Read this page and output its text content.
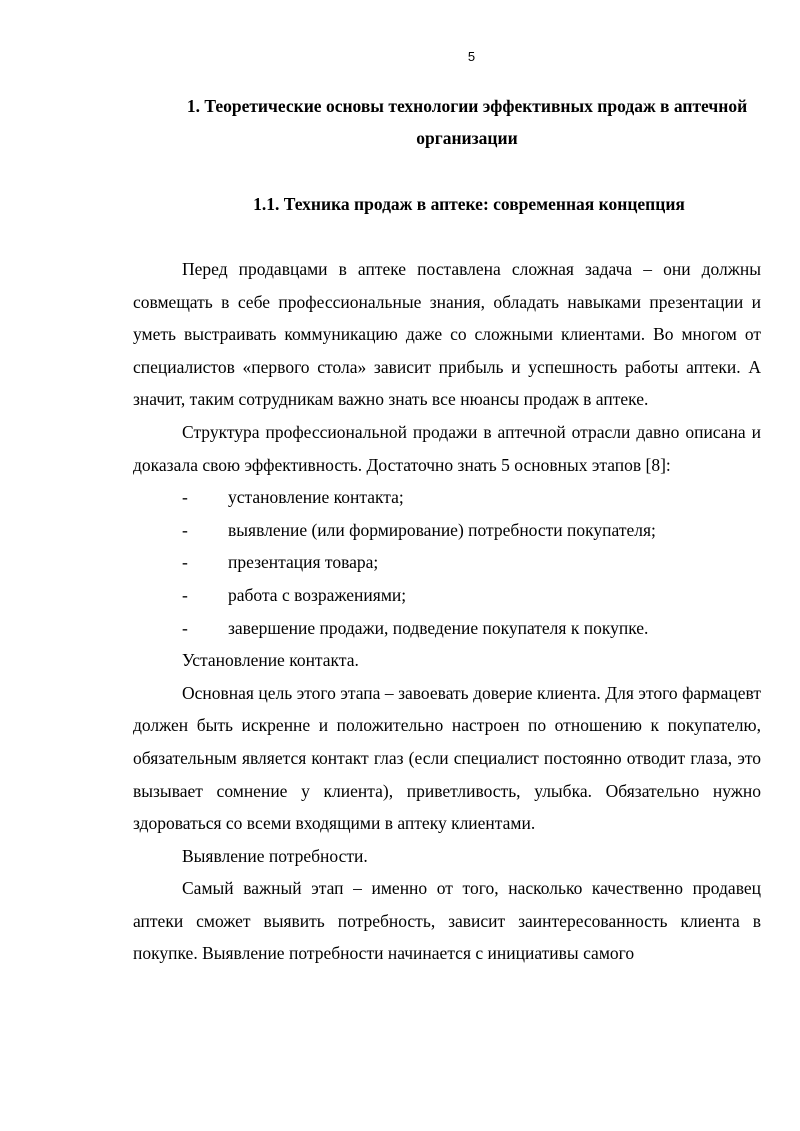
5
1. Теоретические основы технологии эффективных продаж в аптечной организации
1.1. Техника продаж в аптеке: современная концепция

Перед продавцами в аптеке поставлена сложная задача – они должны совмещать в себе профессиональные знания, обладать навыками презентации и уметь выстраивать коммуникацию даже со сложными клиентами. Во многом от специалистов «первого стола» зависит прибыль и успешность работы аптеки. А значит, таким сотрудникам важно знать все нюансы продаж в аптеке.

Структура профессиональной продажи в аптечной отрасли давно описана и доказала свою эффективность. Достаточно знать 5 основных этапов [8]:

-	установление контакта;
-	выявление (или формирование) потребности покупателя;
-	презентация товара;
-	работа с возражениями;
-	завершение продажи, подведение покупателя к покупке.

Установление контакта.

Основная цель этого этапа – завоевать доверие клиента. Для этого фармацевт должен быть искренне и положительно настроен по отношению к покупателю, обязательным является контакт глаз (если специалист постоянно отводит глаза, это вызывает сомнение у клиента), приветливость, улыбка. Обязательно нужно здороваться со всеми входящими в аптеку клиентами.

Выявление потребности.

Самый важный этап – именно от того, насколько качественно продавец аптеки сможет выявить потребность, зависит заинтересованность клиента в покупке. Выявление потребности начинается с инициативы самого
